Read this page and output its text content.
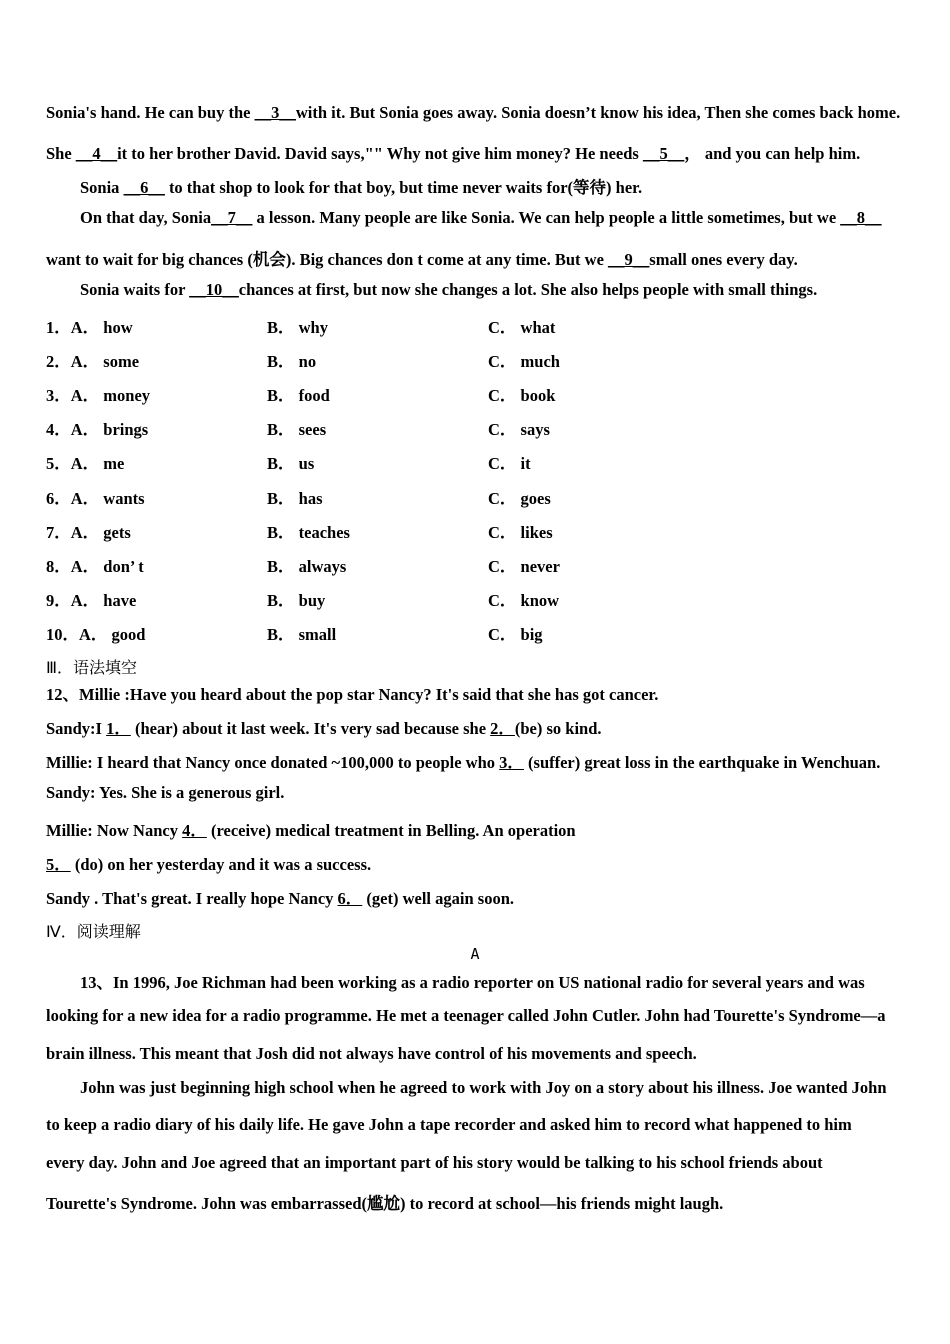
Sonia's hand. He can buy the __3__with it. But Sonia goes away. Sonia doesn’t know his idea, Then she comes back home.
She __4__it to her brother David. David says,"" Why not give him money? He needs __5__， and you can help him.
Sonia __6__ to that shop to look for that boy, but time never waits for(等待) her.
On that day, Sonia__7__ a lesson. Many people are like Sonia. We can help people a little sometimes, but we __8__
want to wait for big chances (机会). Big chances don t come at any time. But we __9__small ones every day.
Sonia waits for __10__chances at first, but now she changes a lot. She also helps people with small things.
1．A． how	B． why	C． what
2．A． some	B． no	C． much
3．A． money	B． food	C． book
4．A． brings	B． sees	C． says
5．A． me	B． us	C． it
6．A． wants	B． has	C． goes
7．A． gets	B． teaches	C． likes
8．A． don’ t	B． always	C． never
9．A． have	B． buy	C． know
10．A． good	B． small	C． big
Ⅲ．语法填空
12、Millie :Have you heard about the pop star Nancy? It's said that she has got cancer.
Sandy:I 1． (hear) about it last week. It's very sad because she 2．(be) so kind.
Millie: I heard that Nancy once donated ~100,000 to people who 3． (suffer) great loss in the earthquake in Wenchuan.
Sandy: Yes. She is a generous girl.
Millie: Now Nancy 4． (receive) medical treatment in Belling. An operation
5． (do) on her yesterday and it was a success.
Sandy . That's great. I really hope Nancy 6． (get) well again soon.
Ⅳ．阅读理解
A
13、In 1996, Joe Richman had been working as a radio reporter on US national radio for several years and was
looking for a new idea for a radio programme. He met a teenager called John Cutler. John had Tourette's Syndrome—a
brain illness. This meant that Josh did not always have control of his movements and speech.
John was just beginning high school when he agreed to work with Joy on a story about his illness. Joe wanted John
to keep a radio diary of his daily life. He gave John a tape recorder and asked him to record what happened to him
every day. John and Joe agreed that an important part of his story would be talking to his school friends about
Tourette's Syndrome. John was embarrassed(尴尬) to record at school—his friends might laugh.
